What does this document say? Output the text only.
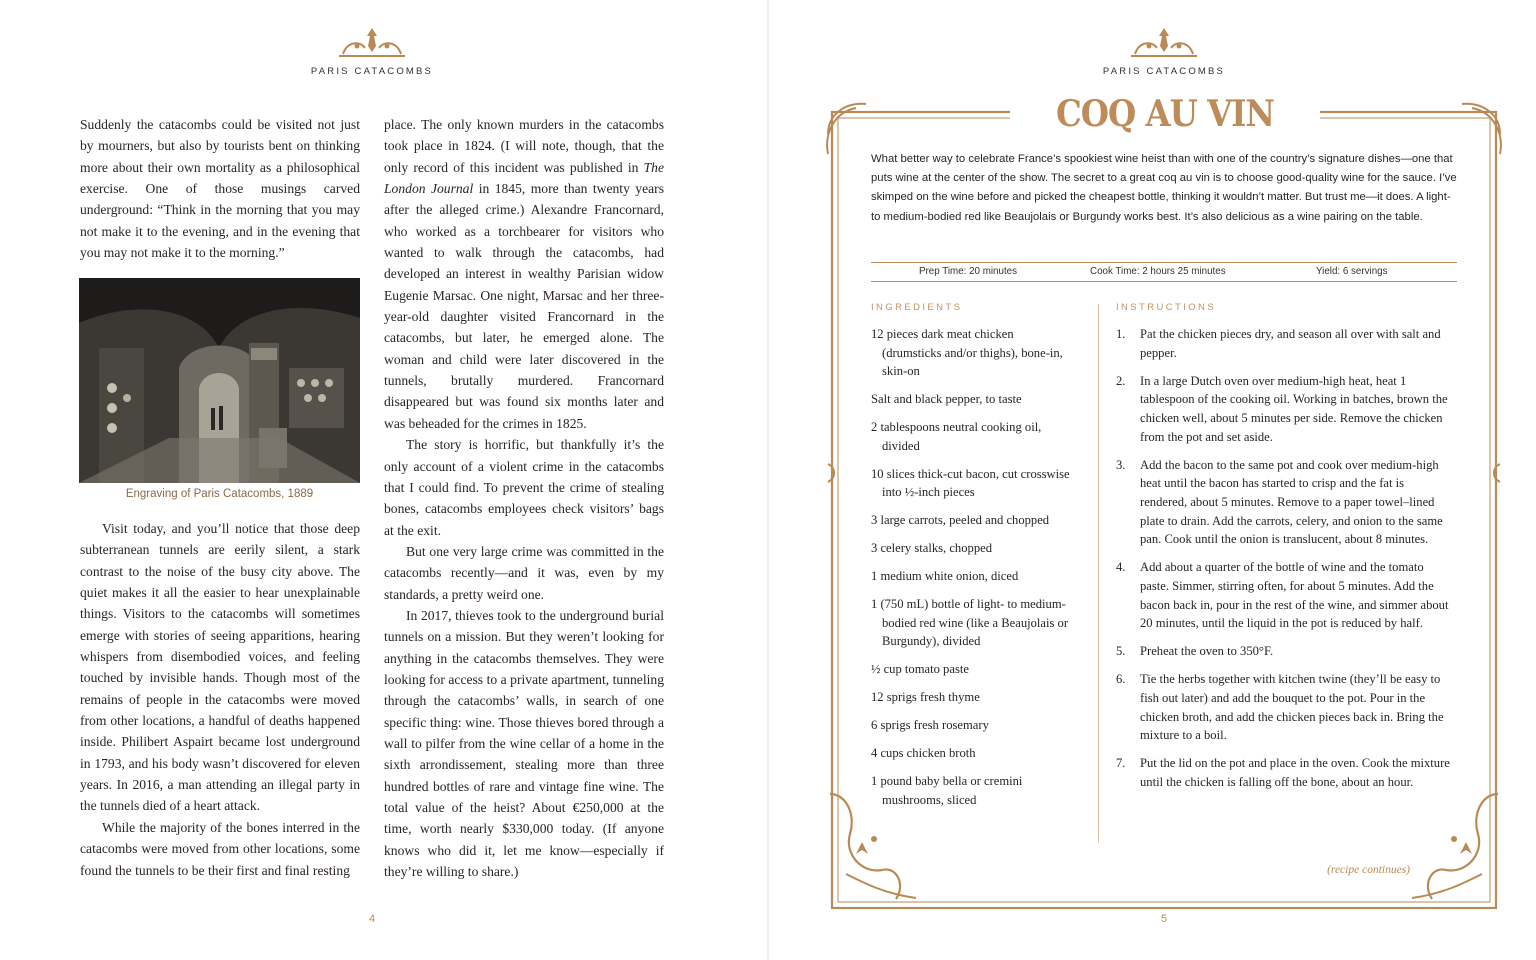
PARIS CATACOMBS

Suddenly the catacombs could be visited not just by mourners, but also by tourists bent on thinking more about their own mortality as a philosophical exercise. One of those musings carved underground: “Think in the morning that you may not make it to the evening, and in the evening that you may not make it to the morning.”

Engraving of Paris Catacombs, 1889

Visit today, and you’ll notice that those deep subterranean tunnels are eerily silent, a stark contrast to the noise of the busy city above. The quiet makes it all the easier to hear unexplainable things. Visitors to the catacombs will sometimes emerge with stories of seeing apparitions, hearing whispers from disembodied voices, and feeling touched by invisible hands. Though most of the remains of people in the catacombs were moved from other locations, a handful of deaths happened inside. Philibert Aspairt became lost underground in 1793, and his body wasn’t discovered for eleven years. In 2016, a man attending an illegal party in the tunnels died of a heart attack.

While the majority of the bones interred in the catacombs were moved from other locations, some found the tunnels to be their first and final resting

place. The only known murders in the catacombs took place in 1824. (I will note, though, that the only record of this incident was published in The London Journal in 1845, more than twenty years after the alleged crime.) Alexandre Francornard, who worked as a torchbearer for visitors who wanted to walk through the catacombs, had developed an interest in wealthy Parisian widow Eugenie Marsac. One night, Marsac and her three-year-old daughter visited Francornard in the catacombs, but later, he emerged alone. The woman and child were later discovered in the tunnels, brutally murdered. Francornard disappeared but was found six months later and was beheaded for the crimes in 1825.

The story is horrific, but thankfully it’s the only account of a violent crime in the catacombs that I could find. To prevent the crime of stealing bones, catacombs employees check visitors’ bags at the exit.

But one very large crime was committed in the catacombs recently—and it was, even by my standards, a pretty weird one.

In 2017, thieves took to the underground burial tunnels on a mission. But they weren’t looking for anything in the catacombs themselves. They were looking for access to a private apartment, tunneling through the catacombs’ walls, in search of one specific thing: wine. Those thieves bored through a wall to pilfer from the wine cellar of a home in the sixth arrondissement, stealing more than three hundred bottles of rare and vintage fine wine. The total value of the heist? About €250,000 at the time, worth nearly $330,000 today. (If anyone knows who did it, let me know—especially if they’re willing to share.)

4
PARIS CATACOMBS
COQ AU VIN
What better way to celebrate France’s spookiest wine heist than with one of the country’s signature dishes—one that puts wine at the center of the show. The secret to a great coq au vin is to choose good-quality wine for the sauce. I’ve skimped on the wine before and picked the cheapest bottle, thinking it wouldn’t matter. But trust me—it does. A light- to medium-bodied red like Beaujolais or Burgundy works best. It’s also delicious as a wine pairing on the table.
Prep Time: 20 minutes	Cook Time: 2 hours 25 minutes	Yield: 6 servings
INGREDIENTS	INSTRUCTIONS
12 pieces dark meat chicken (drumsticks and/or thighs), bone-in, skin-on
Salt and black pepper, to taste
2 tablespoons neutral cooking oil, divided
10 slices thick-cut bacon, cut crosswise into ½-inch pieces
3 large carrots, peeled and chopped
3 celery stalks, chopped
1 medium white onion, diced
1 (750 mL) bottle of light- to medium-bodied red wine (like a Beaujolais or Burgundy), divided
½ cup tomato paste
12 sprigs fresh thyme
6 sprigs fresh rosemary
4 cups chicken broth
1 pound baby bella or cremini mushrooms, sliced
1. Pat the chicken pieces dry, and season all over with salt and pepper.
2. In a large Dutch oven over medium-high heat, heat 1 tablespoon of the cooking oil. Working in batches, brown the chicken well, about 5 minutes per side. Remove the chicken from the pot and set aside.
3. Add the bacon to the same pot and cook over medium-high heat until the bacon has started to crisp and the fat is rendered, about 5 minutes. Remove to a paper towel–lined plate to drain. Add the carrots, celery, and onion to the same pan. Cook until the onion is translucent, about 8 minutes.
4. Add about a quarter of the bottle of wine and the tomato paste. Simmer, stirring often, for about 5 minutes. Add the bacon back in, pour in the rest of the wine, and simmer about 20 minutes, until the liquid in the pot is reduced by half.
5. Preheat the oven to 350°F.
6. Tie the herbs together with kitchen twine (they’ll be easy to fish out later) and add the bouquet to the pot. Pour in the chicken broth, and add the chicken pieces back in. Bring the mixture to a boil.
7. Put the lid on the pot and place in the oven. Cook the mixture until the chicken is falling off the bone, about an hour.
(recipe continues)
5
